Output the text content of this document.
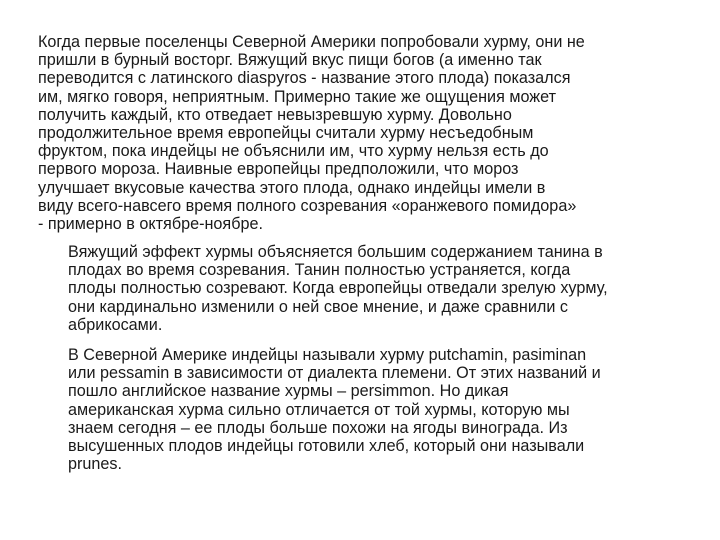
Когда первые поселенцы Северной Америки попробовали хурму, они не
пришли в бурный восторг. Вяжущий вкус пищи богов (а именно так
переводится с латинского diaspyros - название этого плода) показался
им, мягко говоря, неприятным. Примерно такие же ощущения может
получить каждый, кто отведает невызревшую хурму. Довольно
продолжительное время европейцы считали хурму несъедобным
фруктом, пока индейцы не объяснили им, что хурму нельзя есть до
первого мороза. Наивные европейцы предположили, что мороз
улучшает вкусовые качества этого плода, однако индейцы имели в
виду всего-навсего время полного созревания «оранжевого помидора»
- примерно в октябре-ноябре.

Вяжущий эффект хурмы объясняется большим содержанием танина в
плодах во время созревания. Танин полностью устраняется, когда
плоды полностью созревают. Когда европейцы отведали зрелую хурму,
они кардинально изменили о ней свое мнение, и даже сравнили с
абрикосами.

В Северной Америке индейцы называли хурму putchamin, pasiminan
или pessamin в зависимости от диалекта племени. От этих названий и
пошло английское название хурмы – persimmon. Но дикая
американская хурма сильно отличается от той хурмы, которую мы
знаем сегодня – ее плоды больше похожи на ягоды винограда. Из
высушенных плодов индейцы готовили хлеб, который они называли
prunes.
